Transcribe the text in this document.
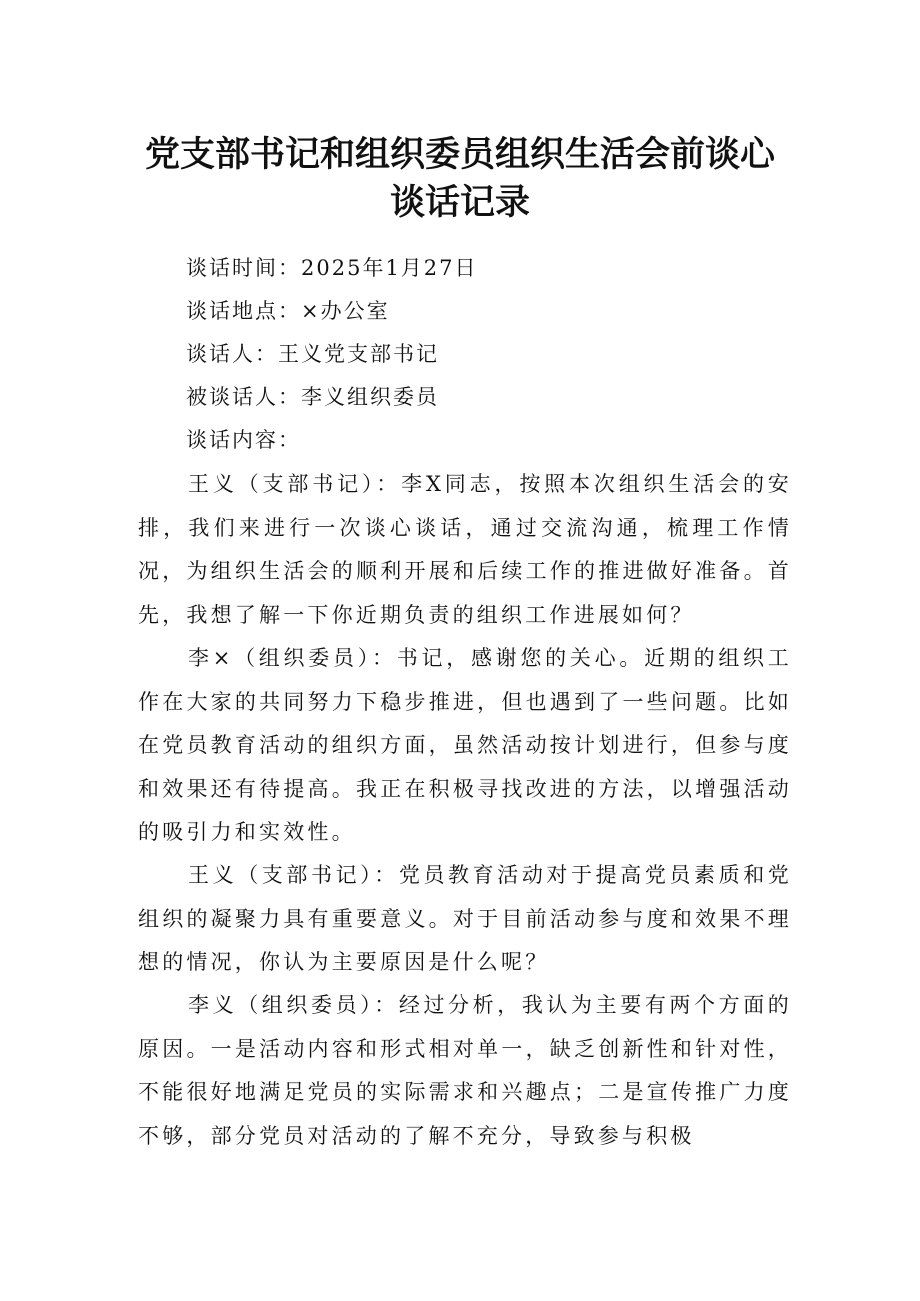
党支部书记和组织委员组织生活会前谈心
谈话记录

谈话时间：2025年1月27日

谈话地点：×办公室

谈话人：王义党支部书记

被谈话人：李义组织委员

谈话内容：

王义（支部书记）：李X同志，按照本次组织生活会的安排，我们来进行一次谈心谈话，通过交流沟通，梳理工作情况，为组织生活会的顺利开展和后续工作的推进做好准备。首先，我想了解一下你近期负责的组织工作进展如何？

李×（组织委员）：书记，感谢您的关心。近期的组织工作在大家的共同努力下稳步推进，但也遇到了一些问题。比如在党员教育活动的组织方面，虽然活动按计划进行，但参与度和效果还有待提高。我正在积极寻找改进的方法，以增强活动的吸引力和实效性。

王义（支部书记）：党员教育活动对于提高党员素质和党组织的凝聚力具有重要意义。对于目前活动参与度和效果不理想的情况，你认为主要原因是什么呢？

李义（组织委员）：经过分析，我认为主要有两个方面的原因。一是活动内容和形式相对单一，缺乏创新性和针对性，不能很好地满足党员的实际需求和兴趣点；二是宣传推广力度不够，部分党员对活动的了解不充分，导致参与积极
